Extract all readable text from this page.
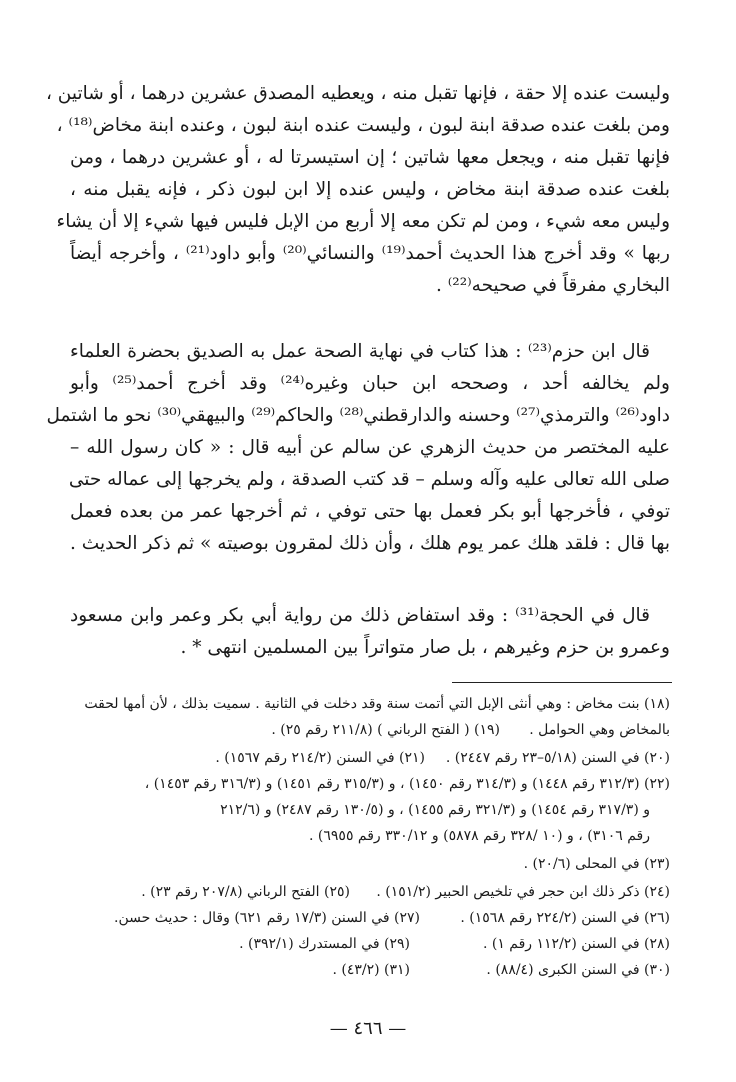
وليست عنده إلا حقة ، فإنها تقبل منه ، ويعطيه المصدق عشرين درهما ، أو شاتين ،
ومن بلغت عنده صدقة ابنة لبون ، وليست عنده ابنة لبون ، وعنده ابنة مخاض⁽¹⁸⁾ ،
فإنها تقبل منه ، ويجعل معها شاتين ؛ إن استيسرتا له ، أو عشرين درهما ، ومن
بلغت عنده صدقة ابنة مخاض ، وليس عنده إلا ابن لبون ذكر ، فإنه يقبل منه ،
وليس معه شيء ، ومن لم تكن معه إلا أربع من الإبل فليس فيها شيء إلا أن يشاء
ربها » وقد أخرج هذا الحديث أحمد⁽¹⁹⁾ والنسائي⁽²⁰⁾ وأبو داود⁽²¹⁾ ، وأخرجه أيضاً
البخاري مفرقاً في صحيحه⁽²²⁾ .
قال ابن حزم⁽²³⁾ : هذا كتاب في نهاية الصحة عمل به الصديق بحضرة العلماء
ولم يخالفه أحد ، وصححه ابن حبان وغيره⁽²⁴⁾ وقد أخرج أحمد⁽²⁵⁾ وأبو
داود⁽²⁶⁾ والترمذي⁽²⁷⁾ وحسنه والدارقطني⁽²⁸⁾ والحاكم⁽²⁹⁾ والبيهقي⁽³⁰⁾ نحو ما اشتمل
عليه المختصر من حديث الزهري عن سالم عن أبيه قال : « كان رسول الله –
صلى الله تعالى عليه وآله وسلم – قد كتب الصدقة ، ولم يخرجها إلى عماله حتى
توفي ، فأخرجها أبو بكر فعمل بها حتى توفي ، ثم أخرجها عمر من بعده فعمل
بها قال : فلقد هلك عمر يوم هلك ، وأن ذلك لمقرون بوصيته » ثم ذكر الحديث .
قال في الحجة⁽³¹⁾ : وقد استفاض ذلك من رواية أبي بكر وعمر وابن مسعود
وعمرو بن حزم وغيرهم ، بل صار متواتراً بين المسلمين انتهى * .
(١٨) بنت مخاض : وهي أنثى الإبل التي أتمت سنة وقد دخلت في الثانية . سميت بذلك ، لأن أمها لحقت
بالمخاض وهي الحوامل .
(١٩) ( الفتح الرباني ) (٢١١/٨ رقم ٢٥) .
(٢٠) في السنن (٥/١٨–٢٣ رقم ٢٤٤٧) .
(٢١) في السنن (٢١٤/٢ رقم ١٥٦٧) .
(٢٢) (٣١٢/٣ رقم ١٤٤٨) و (٣١٤/٣ رقم ١٤٥٠) ، و (٣١٥/٣ رقم ١٤٥١) و (٣١٦/٣ رقم ١٤٥٣) ،
و (٣١٧/٣ رقم ١٤٥٤) و (٣٢١/٣ رقم ١٤٥٥) ، و (١٣٠/٥ رقم ٢٤٨٧) و (٢١٢/٦
رقم ٣١٠٦) ، و (١٠ /٣٢٨ رقم ٥٨٧٨) و ٣٣٠/١٢ رقم ٦٩٥٥) .
(٢٣) في المحلى (٢٠/٦) .
(٢٤) ذكر ذلك ابن حجر في تلخيص الحبير (١٥١/٢) .
(٢٥) الفتح الرباني (٢٠٧/٨ رقم ٢٣) .
(٢٦) في السنن (٢٢٤/٢ رقم ١٥٦٨) .
(٢٧) في السنن (١٧/٣ رقم ٦٢١) وقال : حديث حسن.
(٢٨) في السنن (١١٢/٢ رقم ١) .
(٢٩) في المستدرك (٣٩٢/١) .
(٣٠) في السنن الكبرى (٨٨/٤) .
(٣١) (٤٣/٢) .
— ٤٦٦ —
